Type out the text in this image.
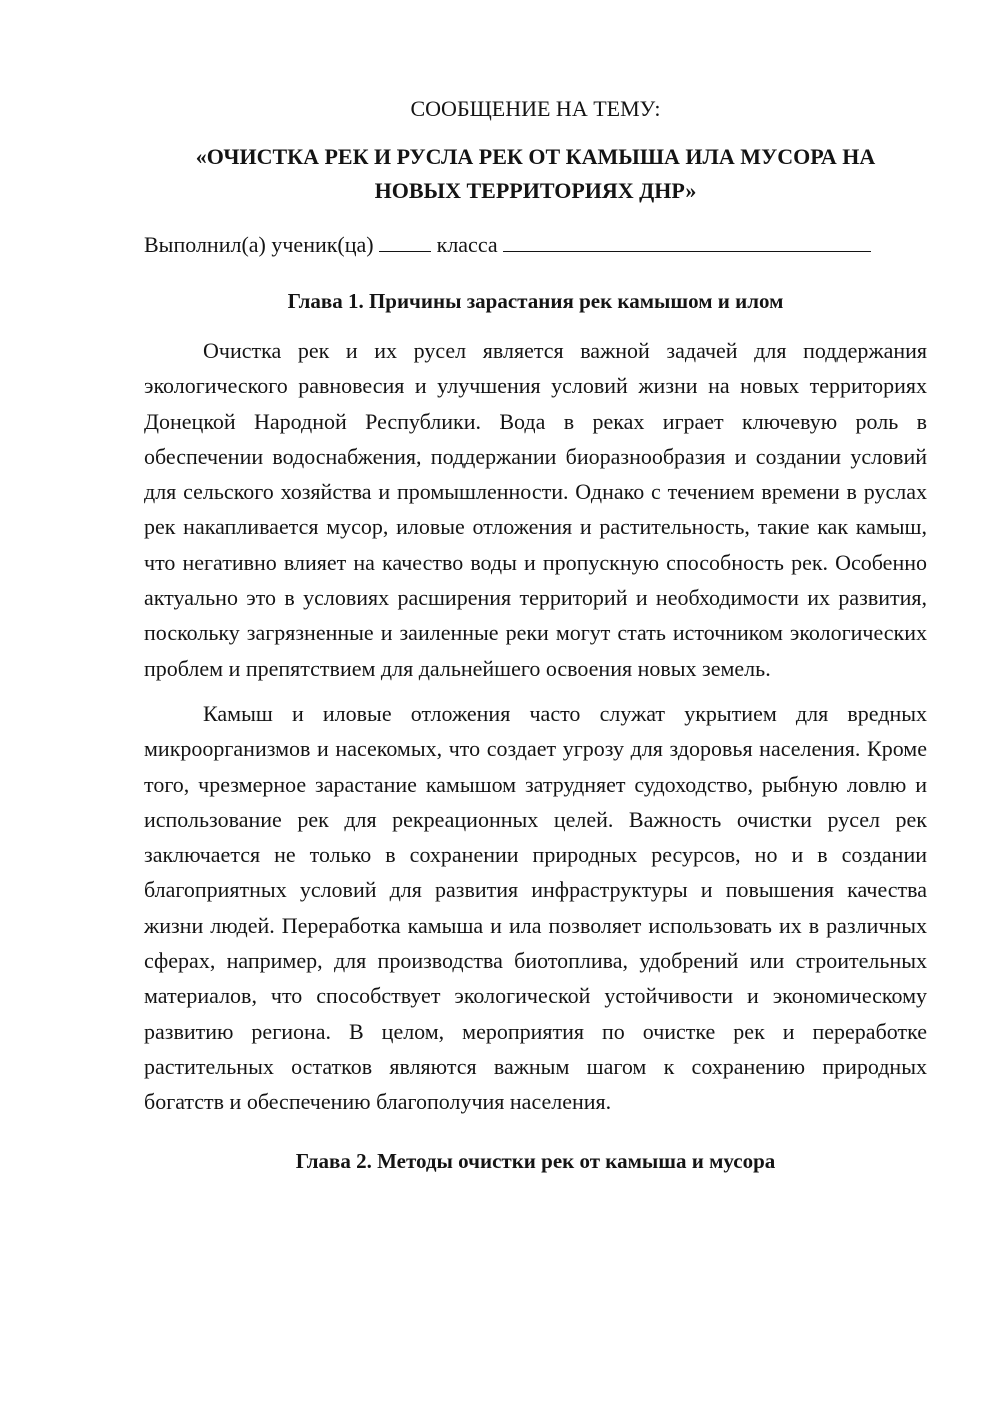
СООБЩЕНИЕ НА ТЕМУ:

«ОЧИСТКА РЕК И РУСЛА РЕК ОТ КАМЫША ИЛА МУСОРА НА
НОВЫХ ТЕРРИТОРИЯХ ДНР»

Выполнил(а) ученик(ца)	класса

Глава 1. Причины зарастания рек камышом и илом

Очистка рек и их русел является важной задачей для поддержания экологического равновесия и улучшения условий жизни на новых территориях Донецкой Народной Республики. Вода в реках играет ключевую роль в обеспечении водоснабжения, поддержании биоразнообразия и создании условий для сельского хозяйства и промышленности. Однако с течением времени в руслах рек накапливается мусор, иловые отложения и растительность, такие как камыш, что негативно влияет на качество воды и пропускную способность рек. Особенно актуально это в условиях расширения территорий и необходимости их развития, поскольку загрязненные и заиленные реки могут стать источником экологических проблем и препятствием для дальнейшего освоения новых земель.

Камыш и иловые отложения часто служат укрытием для вредных микроорганизмов и насекомых, что создает угрозу для здоровья населения. Кроме того, чрезмерное зарастание камышом затрудняет судоходство, рыбную ловлю и использование рек для рекреационных целей. Важность очистки русел рек заключается не только в сохранении природных ресурсов, но и в создании благоприятных условий для развития инфраструктуры и повышения качества жизни людей. Переработка камыша и ила позволяет использовать их в различных сферах, например, для производства биотоплива, удобрений или строительных материалов, что способствует экологической устойчивости и экономическому развитию региона. В целом, мероприятия по очистке рек и переработке растительных остатков являются важным шагом к сохранению природных богатств и обеспечению благополучия населения.

Глава 2. Методы очистки рек от камыша и мусора
